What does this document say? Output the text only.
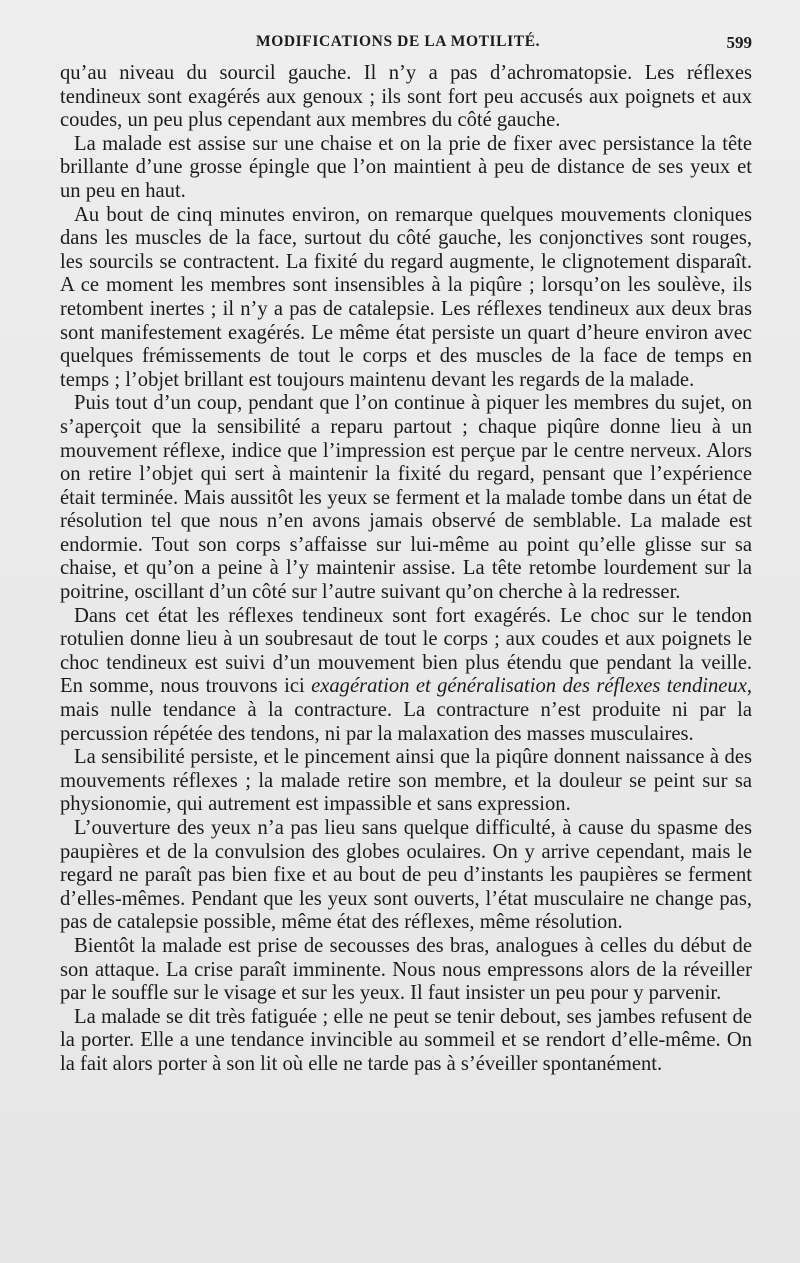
MODIFICATIONS DE LA MOTILITÉ.	599

qu’au niveau du sourcil gauche. Il n’y a pas d’achromatopsie. Les réflexes tendineux sont exagérés aux genoux ; ils sont fort peu accusés aux poignets et aux coudes, un peu plus cependant aux membres du côté gauche.

La malade est assise sur une chaise et on la prie de fixer avec persistance la tête brillante d’une grosse épingle que l’on maintient à peu de distance de ses yeux et un peu en haut.

Au bout de cinq minutes environ, on remarque quelques mouvements cloniques dans les muscles de la face, surtout du côté gauche, les conjonctives sont rouges, les sourcils se contractent. La fixité du regard augmente, le clignotement disparaît. A ce moment les membres sont insensibles à la piqûre ; lorsqu’on les soulève, ils retombent inertes ; il n’y a pas de catalepsie. Les réflexes tendineux aux deux bras sont manifestement exagérés. Le même état persiste un quart d’heure environ avec quelques frémissements de tout le corps et des muscles de la face de temps en temps ; l’objet brillant est toujours maintenu devant les regards de la malade.

Puis tout d’un coup, pendant que l’on continue à piquer les membres du sujet, on s’aperçoit que la sensibilité a reparu partout ; chaque piqûre donne lieu à un mouvement réflexe, indice que l’impression est perçue par le centre nerveux. Alors on retire l’objet qui sert à maintenir la fixité du regard, pensant que l’expérience était terminée. Mais aussitôt les yeux se ferment et la malade tombe dans un état de résolution tel que nous n’en avons jamais observé de semblable. La malade est endormie. Tout son corps s’affaisse sur lui-même au point qu’elle glisse sur sa chaise, et qu’on a peine à l’y maintenir assise. La tête retombe lourdement sur la poitrine, oscillant d’un côté sur l’autre suivant qu’on cherche à la redresser.

Dans cet état les réflexes tendineux sont fort exagérés. Le choc sur le tendon rotulien donne lieu à un soubresaut de tout le corps ; aux coudes et aux poignets le choc tendineux est suivi d’un mouvement bien plus étendu que pendant la veille. En somme, nous trouvons ici exagération et généralisation des réflexes tendineux, mais nulle tendance à la contracture. La contracture n’est produite ni par la percussion répétée des tendons, ni par la malaxation des masses musculaires.

La sensibilité persiste, et le pincement ainsi que la piqûre donnent naissance à des mouvements réflexes ; la malade retire son membre, et la douleur se peint sur sa physionomie, qui autrement est impassible et sans expression.

L’ouverture des yeux n’a pas lieu sans quelque difficulté, à cause du spasme des paupières et de la convulsion des globes oculaires. On y arrive cependant, mais le regard ne paraît pas bien fixe et au bout de peu d’instants les paupières se ferment d’elles-mêmes. Pendant que les yeux sont ouverts, l’état musculaire ne change pas, pas de catalepsie possible, même état des réflexes, même résolution.

Bientôt la malade est prise de secousses des bras, analogues à celles du début de son attaque. La crise paraît imminente. Nous nous empressons alors de la réveiller par le souffle sur le visage et sur les yeux. Il faut insister un peu pour y parvenir.

La malade se dit très fatiguée ; elle ne peut se tenir debout, ses jambes refusent de la porter. Elle a une tendance invincible au sommeil et se rendort d’elle-même. On la fait alors porter à son lit où elle ne tarde pas à s’éveiller spontanément.
